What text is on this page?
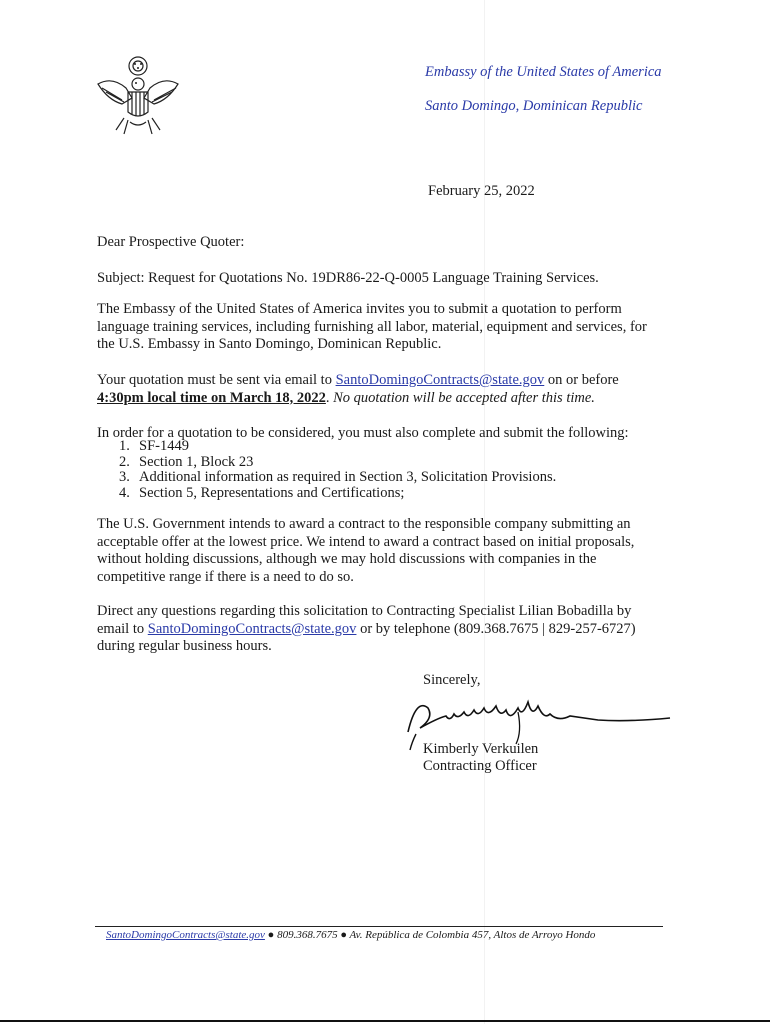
Embassy of the United States of America
Santo Domingo, Dominican Republic
February 25, 2022

Dear Prospective Quoter:

Subject: Request for Quotations No. 19DR86-22-Q-0005 Language Training Services.

The Embassy of the United States of America invites you to submit a quotation to perform language training services, including furnishing all labor, material, equipment and services, for the U.S. Embassy in Santo Domingo, Dominican Republic.

Your quotation must be sent via email to SantoDomingoContracts@state.gov on or before 4:30pm local time on March 18, 2022. No quotation will be accepted after this time.

In order for a quotation to be considered, you must also complete and submit the following:

1. SF-1449
2. Section 1, Block 23
3. Additional information as required in Section 3, Solicitation Provisions.
4. Section 5, Representations and Certifications;

The U.S. Government intends to award a contract to the responsible company submitting an acceptable offer at the lowest price. We intend to award a contract based on initial proposals, without holding discussions, although we may hold discussions with companies in the competitive range if there is a need to do so.

Direct any questions regarding this solicitation to Contracting Specialist Lilian Bobadilla by email to SantoDomingoContracts@state.gov or by telephone (809.368.7675 | 829-257-6727) during regular business hours.

Sincerely,
Kimberly Verkuilen
Contracting Officer
SantoDomingoContracts@state.gov ● 809.368.7675 ● Av. República de Colombia 457, Altos de Arroyo Hondo
